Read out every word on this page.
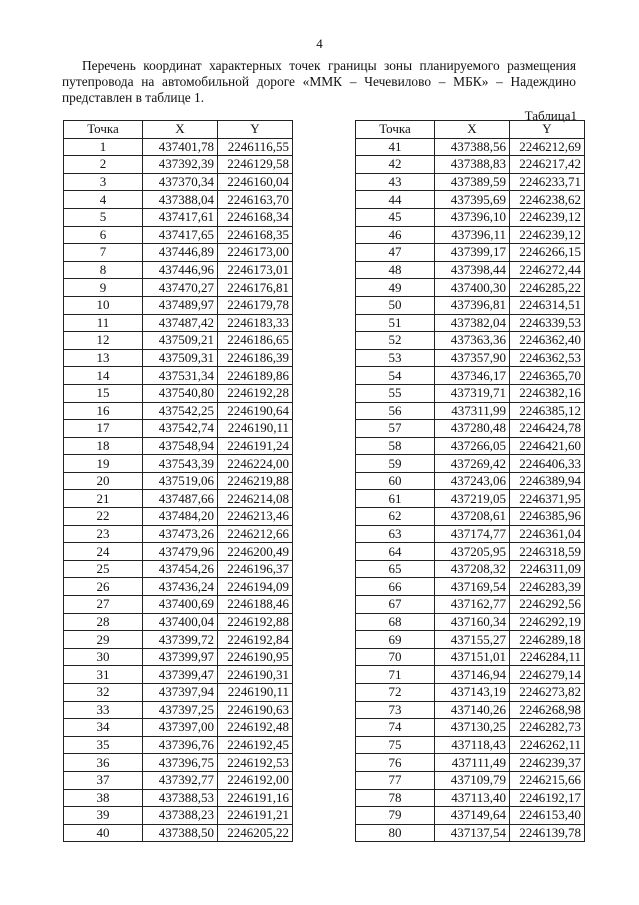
4
Перечень координат характерных точек границы зоны планируемого размещения путепровода на автомобильной дороге «ММК – Чечевилово – МБК» – Надеждино представлен в таблице 1.
Таблица1
Точка	X	Y
1	437401,78	2246116,55
2	437392,39	2246129,58
3	437370,34	2246160,04
4	437388,04	2246163,70
5	437417,61	2246168,34
6	437417,65	2246168,35
7	437446,89	2246173,00
8	437446,96	2246173,01
9	437470,27	2246176,81
10	437489,97	2246179,78
11	437487,42	2246183,33
12	437509,21	2246186,65
13	437509,31	2246186,39
14	437531,34	2246189,86
15	437540,80	2246192,28
16	437542,25	2246190,64
17	437542,74	2246190,11
18	437548,94	2246191,24
19	437543,39	2246224,00
20	437519,06	2246219,88
21	437487,66	2246214,08
22	437484,20	2246213,46
23	437473,26	2246212,66
24	437479,96	2246200,49
25	437454,26	2246196,37
26	437436,24	2246194,09
27	437400,69	2246188,46
28	437400,04	2246192,88
29	437399,72	2246192,84
30	437399,97	2246190,95
31	437399,47	2246190,31
32	437397,94	2246190,11
33	437397,25	2246190,63
34	437397,00	2246192,48
35	437396,76	2246192,45
36	437396,75	2246192,53
37	437392,77	2246192,00
38	437388,53	2246191,16
39	437388,23	2246191,21
40	437388,50	2246205,22
Точка	X	Y
41	437388,56	2246212,69
42	437388,83	2246217,42
43	437389,59	2246233,71
44	437395,69	2246238,62
45	437396,10	2246239,12
46	437396,11	2246239,12
47	437399,17	2246266,15
48	437398,44	2246272,44
49	437400,30	2246285,22
50	437396,81	2246314,51
51	437382,04	2246339,53
52	437363,36	2246362,40
53	437357,90	2246362,53
54	437346,17	2246365,70
55	437319,71	2246382,16
56	437311,99	2246385,12
57	437280,48	2246424,78
58	437266,05	2246421,60
59	437269,42	2246406,33
60	437243,06	2246389,94
61	437219,05	2246371,95
62	437208,61	2246385,96
63	437174,77	2246361,04
64	437205,95	2246318,59
65	437208,32	2246311,09
66	437169,54	2246283,39
67	437162,77	2246292,56
68	437160,34	2246292,19
69	437155,27	2246289,18
70	437151,01	2246284,11
71	437146,94	2246279,14
72	437143,19	2246273,82
73	437140,26	2246268,98
74	437130,25	2246282,73
75	437118,43	2246262,11
76	437111,49	2246239,37
77	437109,79	2246215,66
78	437113,40	2246192,17
79	437149,64	2246153,40
80	437137,54	2246139,78
